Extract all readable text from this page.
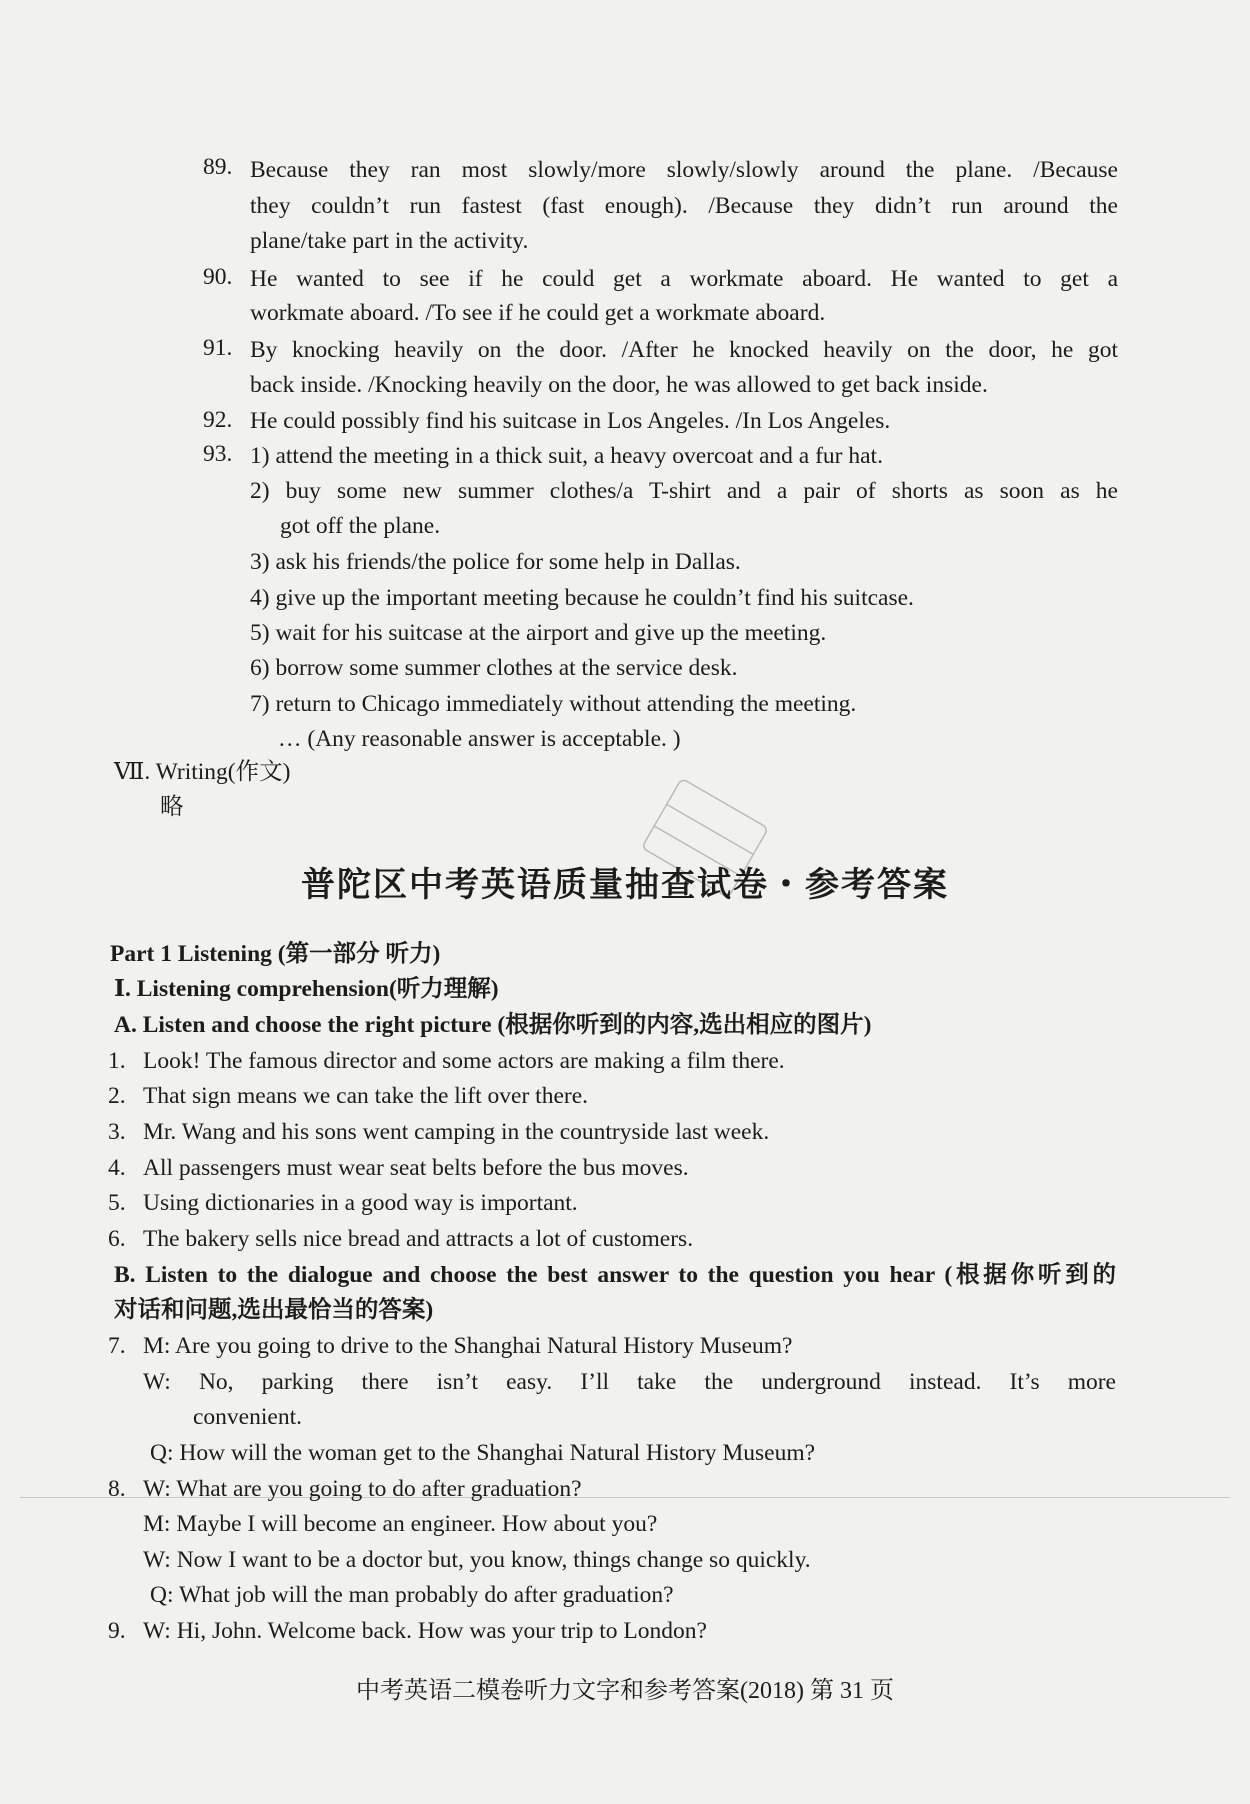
89. Because they ran most slowly/more slowly/slowly around the plane. /Because
they couldn’t run fastest (fast enough). /Because they didn’t run around the
plane/take part in the activity.
90. He wanted to see if he could get a workmate aboard. He wanted to get a
workmate aboard. /To see if he could get a workmate aboard.
91. By knocking heavily on the door. /After he knocked heavily on the door, he got
back inside. /Knocking heavily on the door, he was allowed to get back inside.
92. He could possibly find his suitcase in Los Angeles. /In Los Angeles.
93. 1) attend the meeting in a thick suit, a heavy overcoat and a fur hat.
2) buy some new summer clothes/a T-shirt and a pair of shorts as soon as he
got off the plane.
3) ask his friends/the police for some help in Dallas.
4) give up the important meeting because he couldn’t find his suitcase.
5) wait for his suitcase at the airport and give up the meeting.
6) borrow some summer clothes at the service desk.
7) return to Chicago immediately without attending the meeting.
… (Any reasonable answer is acceptable. )
Ⅶ. Writing(作文)
略
普陀区中考英语质量抽查试卷・参考答案
Part 1 Listening (第一部分 听力)
Ⅰ. Listening comprehension(听力理解)
A. Listen and choose the right picture (根据你听到的内容,选出相应的图片)
1. Look! The famous director and some actors are making a film there.
2. That sign means we can take the lift over there.
3. Mr. Wang and his sons went camping in the countryside last week.
4. All passengers must wear seat belts before the bus moves.
5. Using dictionaries in a good way is important.
6. The bakery sells nice bread and attracts a lot of customers.
B. Listen to the dialogue and choose the best answer to the question you hear (根据你听到的
对话和问题,选出最恰当的答案)
7. M: Are you going to drive to the Shanghai Natural History Museum?
W: No, parking there isn’t easy. I’ll take the underground instead. It’s more
convenient.
Q: How will the woman get to the Shanghai Natural History Museum?
8. W: What are you going to do after graduation?
M: Maybe I will become an engineer. How about you?
W: Now I want to be a doctor but, you know, things change so quickly.
Q: What job will the man probably do after graduation?
9. W: Hi, John. Welcome back. How was your trip to London?
中考英语二模卷听力文字和参考答案(2018) 第 31 页
